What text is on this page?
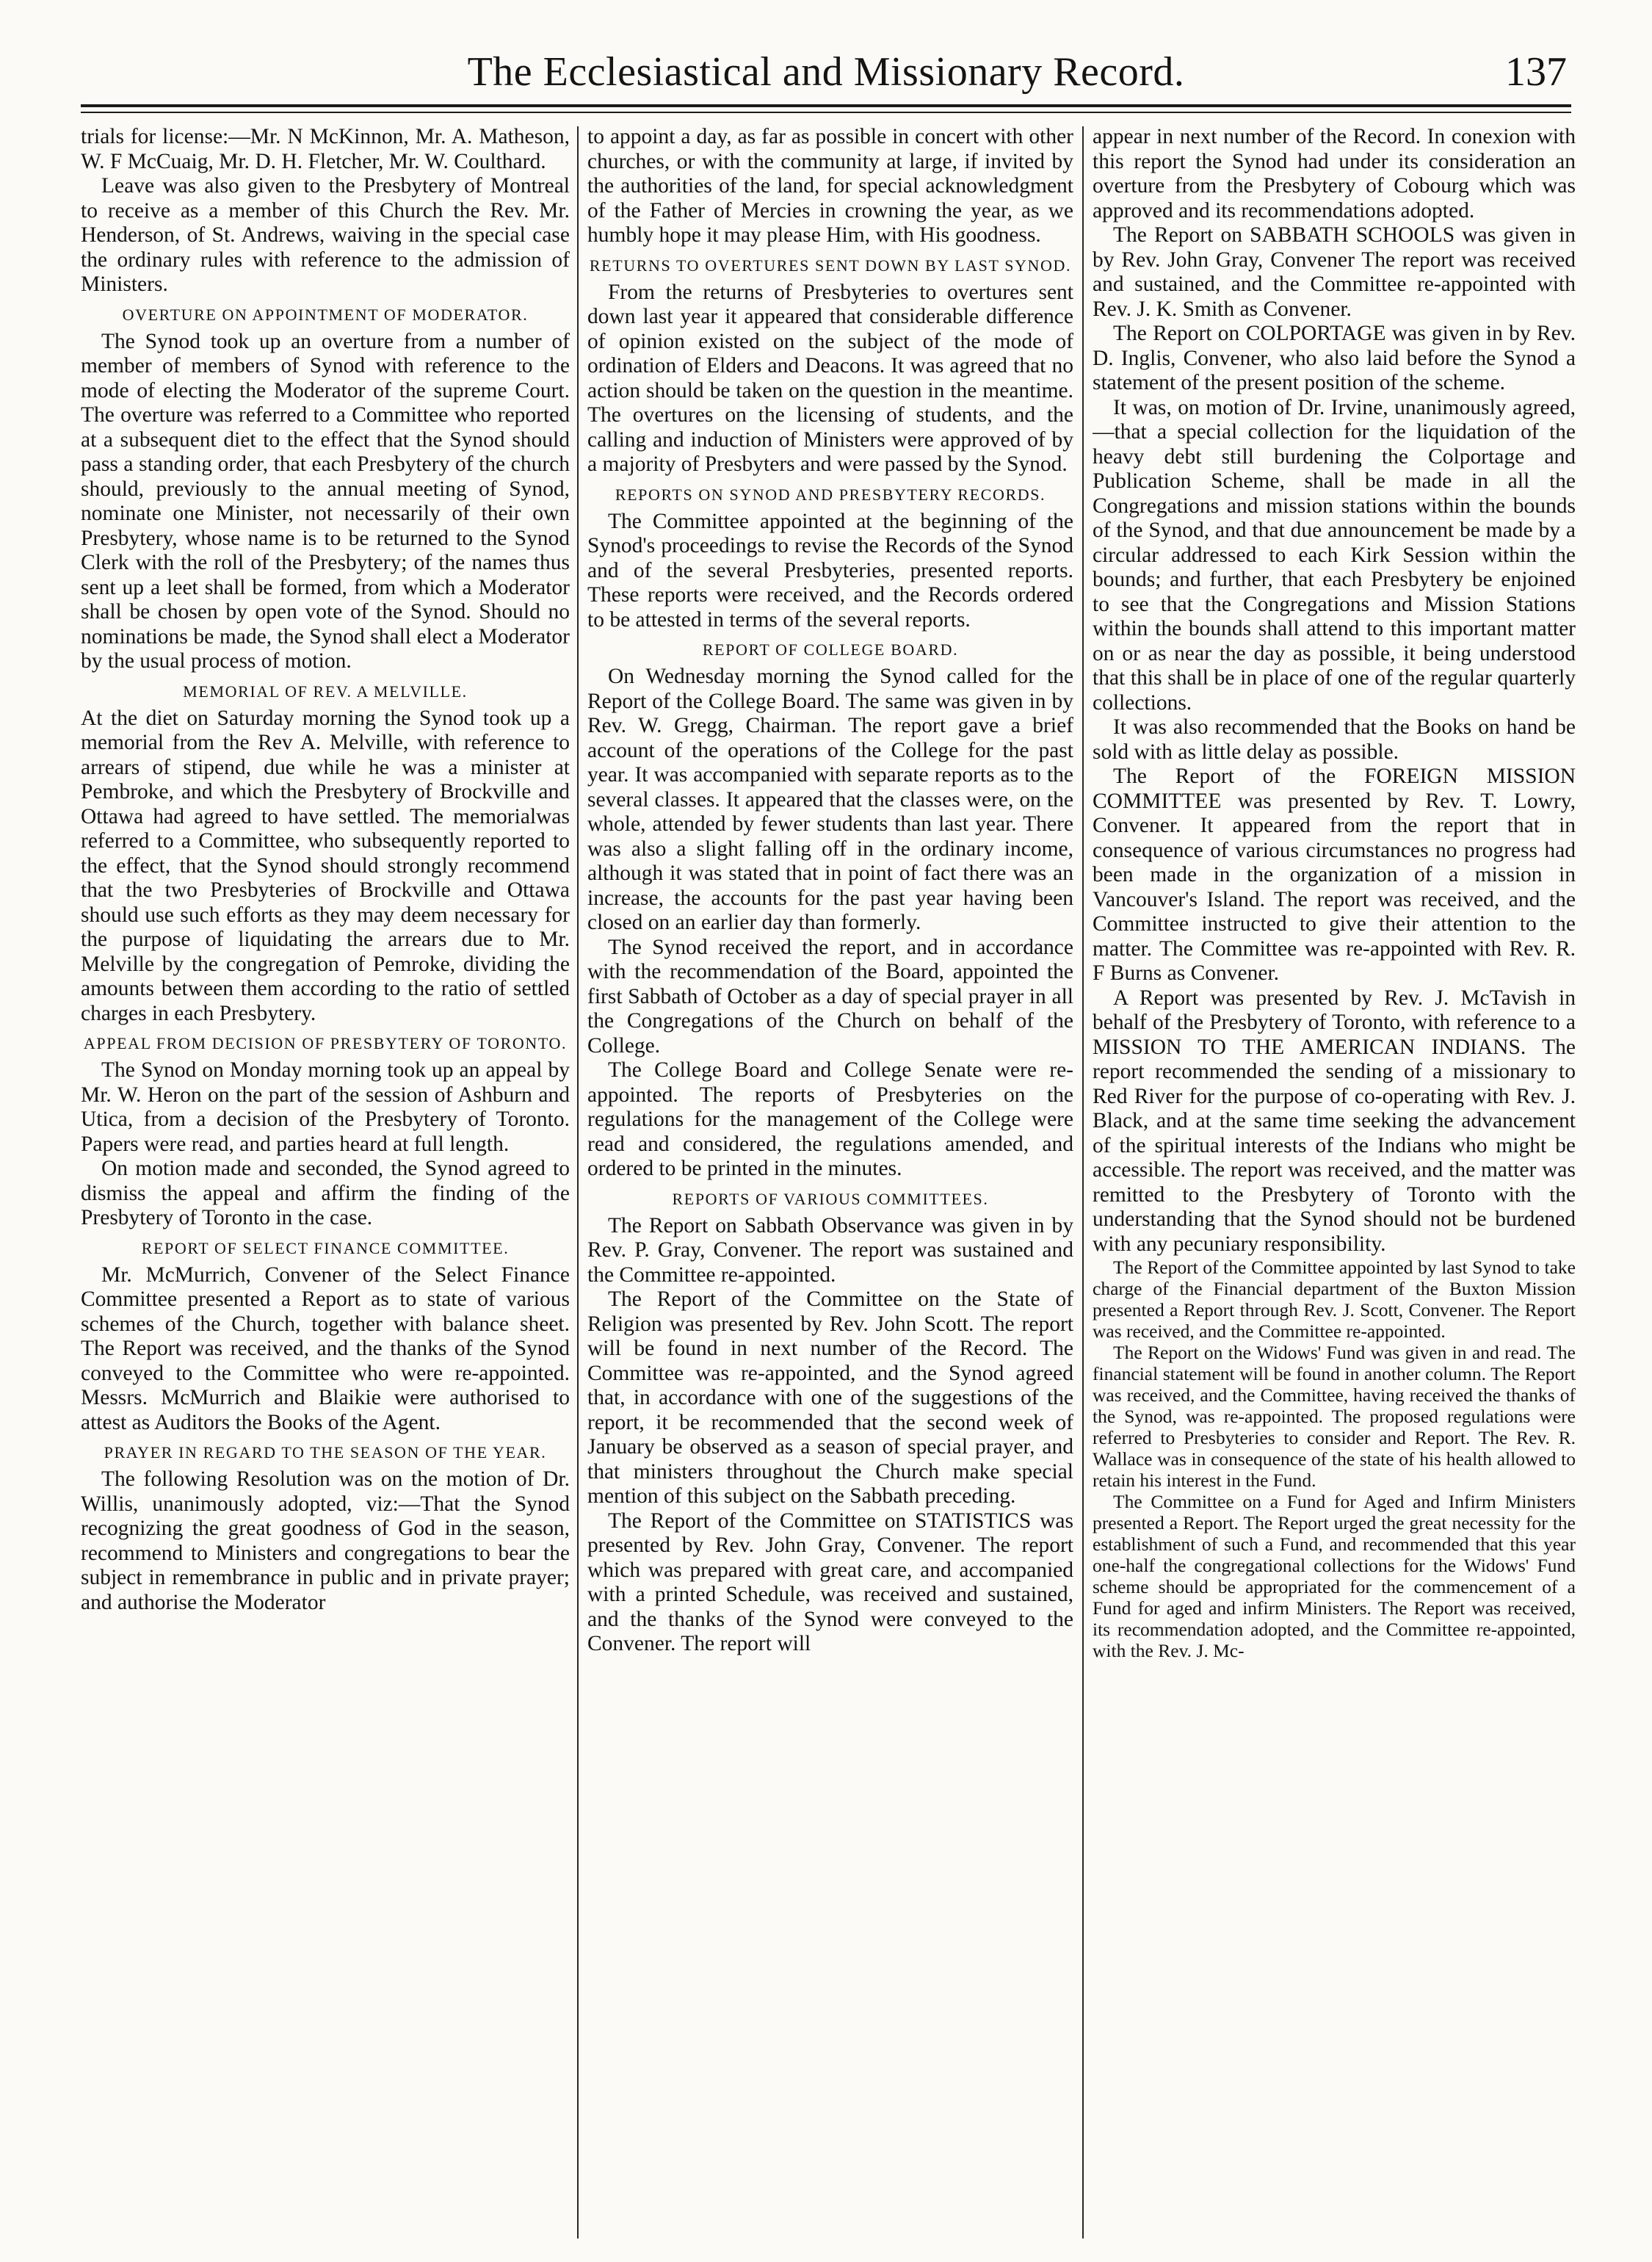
The Ecclesiastical and Missionary Record.	137

trials for license:—Mr. N McKinnon, Mr. A. Matheson, W. F McCuaig, Mr. D. H. Fletcher, Mr. W. Coulthard.

Leave was also given to the Presbytery of Montreal to receive as a member of this Church the Rev. Mr. Henderson, of St. Andrews, waiving in the special case the ordinary rules with reference to the admission of Ministers.

OVERTURE ON APPOINTMENT OF MODERATOR.

The Synod took up an overture from a number of member of members of Synod with reference to the mode of electing the Moderator of the supreme Court. The overture was referred to a Committee who reported at a subsequent diet to the effect that the Synod should pass a standing order, that each Presbytery of the church should, previously to the annual meeting of Synod, nominate one Minister, not necessarily of their own Presbytery, whose name is to be returned to the Synod Clerk with the roll of the Presbytery; of the names thus sent up a leet shall be formed, from which a Moderator shall be chosen by open vote of the Synod. Should no nominations be made, the Synod shall elect a Moderator by the usual process of motion.

MEMORIAL OF REV. A MELVILLE.

At the diet on Saturday morning the Synod took up a memorial from the Rev A. Melville, with reference to arrears of stipend, due while he was a minister at Pembroke, and which the Presbytery of Brockville and Ottawa had agreed to have settled. The memorialwas referred to a Committee, who subsequently reported to the effect, that the Synod should strongly recommend that the two Presbyteries of Brockville and Ottawa should use such efforts as they may deem necessary for the purpose of liquidating the arrears due to Mr. Melville by the congregation of Pemroke, dividing the amounts between them according to the ratio of settled charges in each Presbytery.

APPEAL FROM DECISION OF PRESBYTERY OF TORONTO.

The Synod on Monday morning took up an appeal by Mr. W. Heron on the part of the session of Ashburn and Utica, from a decision of the Presbytery of Toronto. Papers were read, and parties heard at full length.

On motion made and seconded, the Synod agreed to dismiss the appeal and affirm the finding of the Presbytery of Toronto in the case.

REPORT OF SELECT FINANCE COMMITTEE.

Mr. McMurrich, Convener of the Select Finance Committee presented a Report as to state of various schemes of the Church, together with balance sheet. The Report was received, and the thanks of the Synod conveyed to the Committee who were re-appointed. Messrs. McMurrich and Blaikie were authorised to attest as Auditors the Books of the Agent.

PRAYER IN REGARD TO THE SEASON OF THE YEAR.

The following Resolution was on the motion of Dr. Willis, unanimously adopted, viz:—That the Synod recognizing the great goodness of God in the season, recommend to Ministers and congregations to bear the subject in remembrance in public and in private prayer; and authorise the Moderator

to appoint a day, as far as possible in concert with other churches, or with the community at large, if invited by the authorities of the land, for special acknowledgment of the Father of Mercies in crowning the year, as we humbly hope it may please Him, with His goodness.

RETURNS TO OVERTURES SENT DOWN BY LAST SYNOD.

From the returns of Presbyteries to overtures sent down last year it appeared that considerable difference of opinion existed on the subject of the mode of ordination of Elders and Deacons. It was agreed that no action should be taken on the question in the meantime. The overtures on the licensing of students, and the calling and induction of Ministers were approved of by a majority of Presbyters and were passed by the Synod.

REPORTS ON SYNOD AND PRESBYTERY RECORDS.

The Committee appointed at the beginning of the Synod's proceedings to revise the Records of the Synod and of the several Presbyteries, presented reports. These reports were received, and the Records ordered to be attested in terms of the several reports.

REPORT OF COLLEGE BOARD.

On Wednesday morning the Synod called for the Report of the College Board. The same was given in by Rev. W. Gregg, Chairman. The report gave a brief account of the operations of the College for the past year. It was accompanied with separate reports as to the several classes. It appeared that the classes were, on the whole, attended by fewer students than last year. There was also a slight falling off in the ordinary income, although it was stated that in point of fact there was an increase, the accounts for the past year having been closed on an earlier day than formerly.

The Synod received the report, and in accordance with the recommendation of the Board, appointed the first Sabbath of October as a day of special prayer in all the Congregations of the Church on behalf of the College.

The College Board and College Senate were re-appointed. The reports of Presbyteries on the regulations for the management of the College were read and considered, the regulations amended, and ordered to be printed in the minutes.

REPORTS OF VARIOUS COMMITTEES.

The Report on Sabbath Observance was given in by Rev. P. Gray, Convener. The report was sustained and the Committee re-appointed.

The Report of the Committee on the State of Religion was presented by Rev. John Scott. The report will be found in next number of the Record. The Committee was re-appointed, and the Synod agreed that, in accordance with one of the suggestions of the report, it be recommended that the second week of January be observed as a season of special prayer, and that ministers throughout the Church make special mention of this subject on the Sabbath preceding.

The Report of the Committee on STATISTICS was presented by Rev. John Gray, Convener. The report which was prepared with great care, and accompanied with a printed Schedule, was received and sustained, and the thanks of the Synod were conveyed to the Convener. The report will

appear in next number of the Record. In conexion with this report the Synod had under its consideration an overture from the Presbytery of Cobourg which was approved and its recommendations adopted.

The Report on SABBATH SCHOOLS was given in by Rev. John Gray, Convener The report was received and sustained, and the Committee re-appointed with Rev. J. K. Smith as Convener.

The Report on COLPORTAGE was given in by Rev. D. Inglis, Convener, who also laid before the Synod a statement of the present position of the scheme.

It was, on motion of Dr. Irvine, unanimously agreed,—that a special collection for the liquidation of the heavy debt still burdening the Colportage and Publication Scheme, shall be made in all the Congregations and mission stations within the bounds of the Synod, and that due announcement be made by a circular addressed to each Kirk Session within the bounds; and further, that each Presbytery be enjoined to see that the Congregations and Mission Stations within the bounds shall attend to this important matter on or as near the day as possible, it being understood that this shall be in place of one of the regular quarterly collections.

It was also recommended that the Books on hand be sold with as little delay as possible.

The Report of the FOREIGN MISSION COMMITTEE was presented by Rev. T. Lowry, Convener. It appeared from the report that in consequence of various circumstances no progress had been made in the organization of a mission in Vancouver's Island. The report was received, and the Committee instructed to give their attention to the matter. The Committee was re-appointed with Rev. R. F Burns as Convener.

A Report was presented by Rev. J. McTavish in behalf of the Presbytery of Toronto, with reference to a MISSION TO THE AMERICAN INDIANS. The report recommended the sending of a missionary to Red River for the purpose of co-operating with Rev. J. Black, and at the same time seeking the advancement of the spiritual interests of the Indians who might be accessible. The report was received, and the matter was remitted to the Presbytery of Toronto with the understanding that the Synod should not be burdened with any pecuniary responsibility.

The Report of the Committee appointed by last Synod to take charge of the Financial department of the Buxton Mission presented a Report through Rev. J. Scott, Convener. The Report was received, and the Committee re-appointed.

The Report on the Widows' Fund was given in and read. The financial statement will be found in another column. The Report was received, and the Committee, having received the thanks of the Synod, was re-appointed. The proposed regulations were referred to Presbyteries to consider and Report. The Rev. R. Wallace was in consequence of the state of his health allowed to retain his interest in the Fund.

The Committee on a Fund for Aged and Infirm Ministers presented a Report. The Report urged the great necessity for the establishment of such a Fund, and recommended that this year one-half the congregational collections for the Widows' Fund scheme should be appropriated for the commencement of a Fund for aged and infirm Ministers. The Report was received, its recommendation adopted, and the Committee re-appointed, with the Rev. J. Mc-
